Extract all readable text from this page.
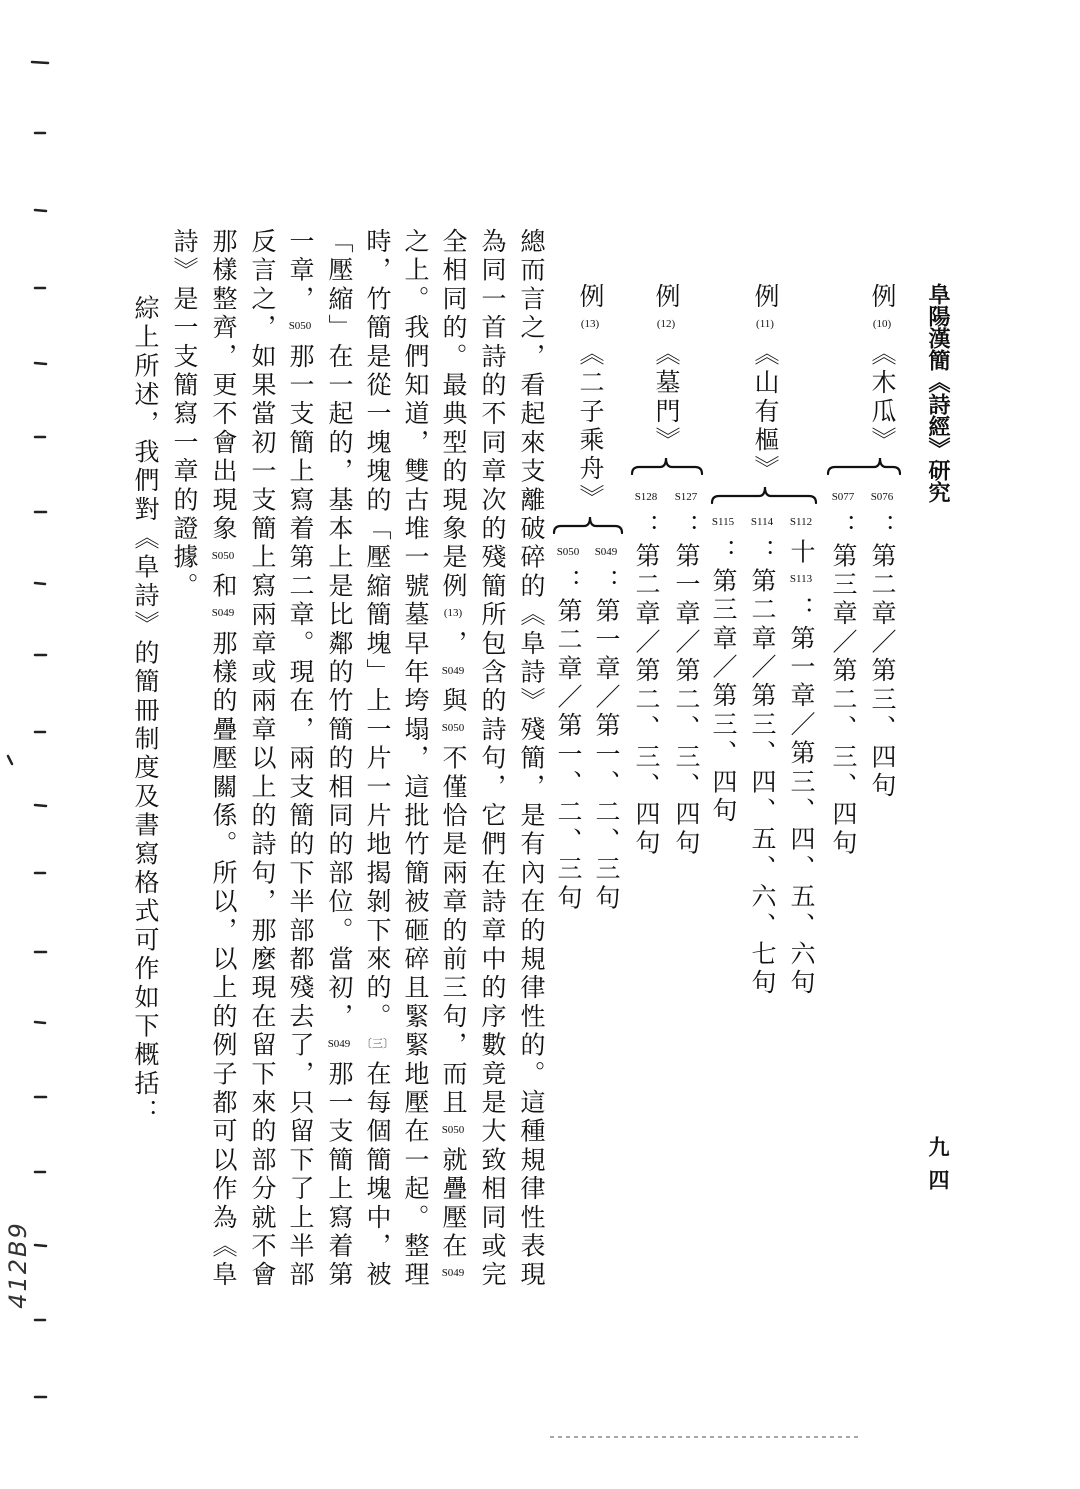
阜陽漢簡《詩經》研究
九四
例(10)《木瓜》
S076：第二章／第三、四句
S077：第三章／第二、三、四句
例(11)《山有樞》
S112十S113：第一章／第三、四、五、六句
S114：第二章／第三、四、五、六、七句
S115：第三章／第三、四句
例(12)《墓門》
S127：第一章／第二、三、四句
S128：第二章／第二、三、四句
例(13)《二子乘舟》
S049：第一章／第一、二、三句
S050：第二章／第一、二、三句
總而言之，看起來支離破碎的《阜詩》殘簡，是有內在的規律性的。這種規律性表現
為同一首詩的不同章次的殘簡所包含的詩句，它們在詩章中的序數竟是大致相同或完
全相同的。最典型的現象是例(13)，S049與S050不僅恰是兩章的前三句，而且S050就疊壓在S049
之上。我們知道，雙古堆一號墓早年垮塌，這批竹簡被砸碎且緊緊地壓在一起。整理
時，竹簡是從一塊塊的「壓縮簡塊」上一片一片地揭剝下來的。〔三〕在每個簡塊中，被
「壓縮」在一起的，基本上是比鄰的竹簡的相同的部位。當初，S049那一支簡上寫着第
一章，S050那一支簡上寫着第二章。現在，兩支簡的下半部都殘去了，只留下了上半部
反言之，如果當初一支簡上寫兩章或兩章以上的詩句，那麼現在留下來的部分就不會
那樣整齊，更不會出現象S050和S049那樣的疊壓關係。所以，以上的例子都可以作為《阜
詩》是一支簡寫一章的證據。
綜上所述，我們對《阜詩》的簡冊制度及書寫格式可作如下概括：
412B9
